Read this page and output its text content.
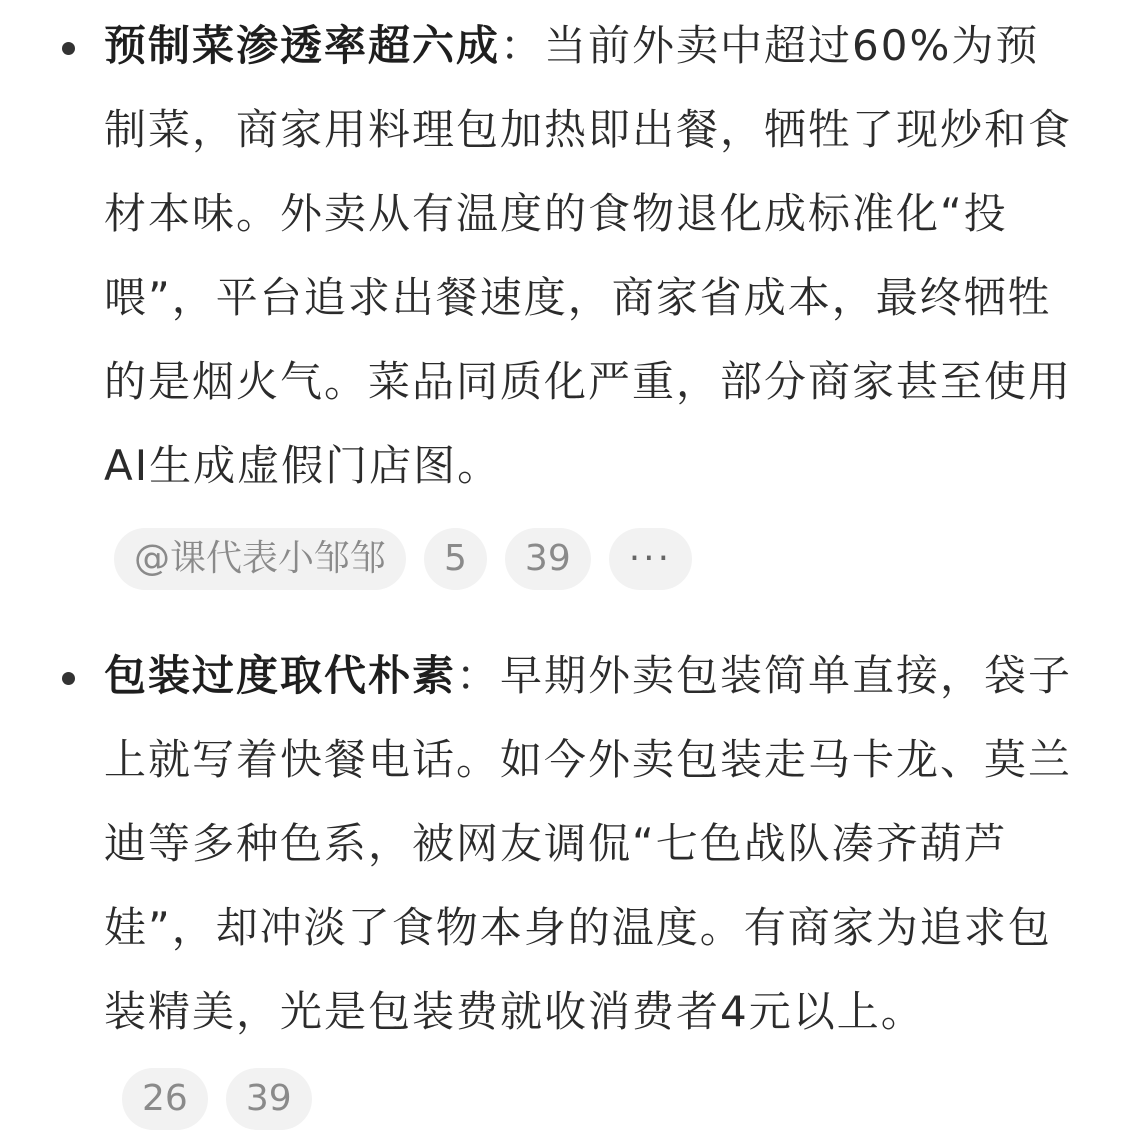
预制菜渗透率超六成：当前外卖中超过60%为预制菜，商家用料理包加热即出餐，牺牲了现炒和食材本味。外卖从有温度的食物退化成标准化“投喂”，平台追求出餐速度，商家省成本，最终牺牲的是烟火气。菜品同质化严重，部分商家甚至使用AI生成虚假门店图。

@课代表小邹邹 5 39 ···

包装过度取代朴素：早期外卖包装简单直接，袋子上就写着快餐电话。如今外卖包装走马卡龙、莫兰迪等多种色系，被网友调侃“七色战队凑齐葫芦娃”，却冲淡了食物本身的温度。有商家为追求包装精美，光是包装费就收消费者4元以上。26 39
